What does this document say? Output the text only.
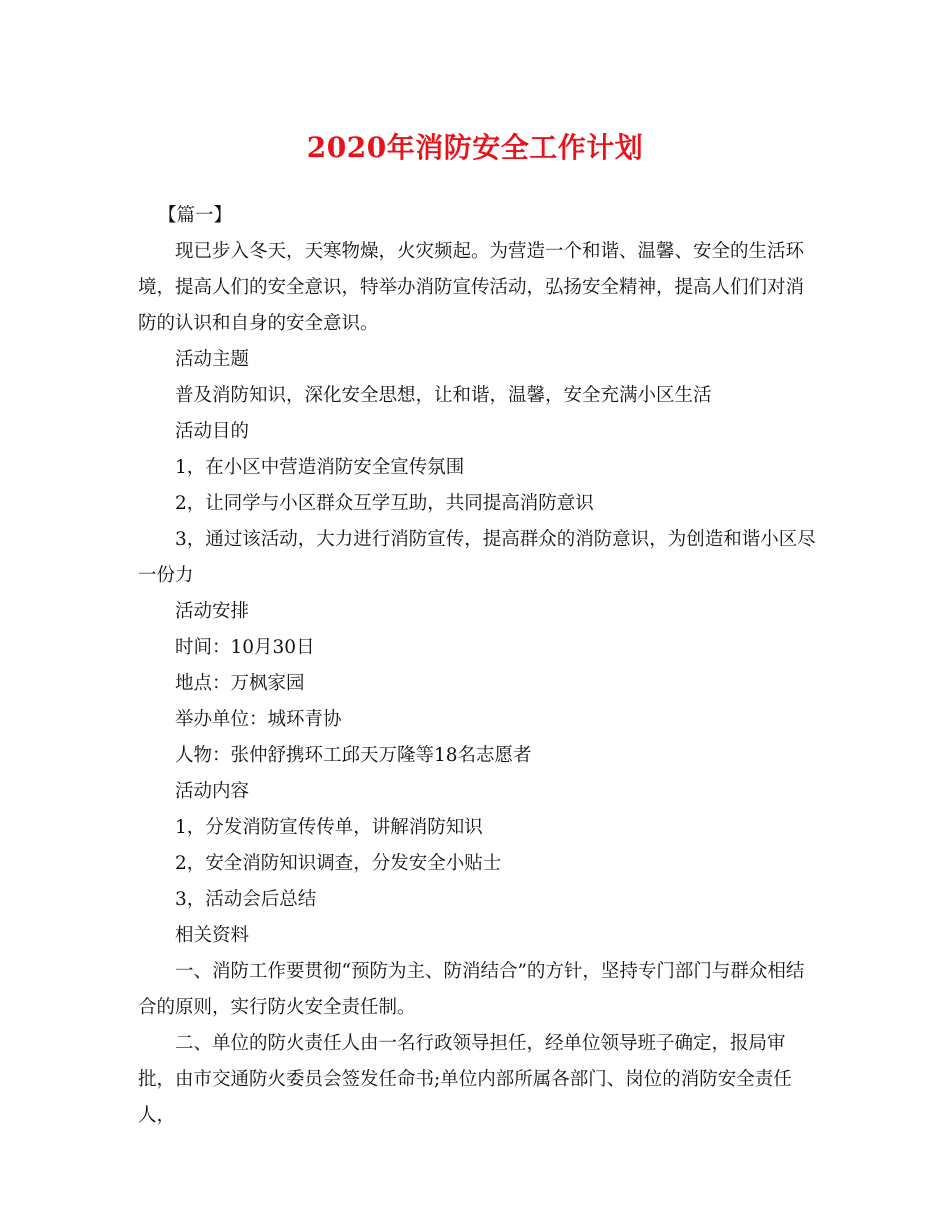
2020年消防安全工作计划

【篇一】

现已步入冬天，天寒物燥，火灾频起。为营造一个和谐、温馨、安全的生活环境，提高人们的安全意识，特举办消防宣传活动，弘扬安全精神，提高人们们对消防的认识和自身的安全意识。

活动主题

普及消防知识，深化安全思想，让和谐，温馨，安全充满小区生活

活动目的

1，在小区中营造消防安全宣传氛围

2，让同学与小区群众互学互助，共同提高消防意识

3，通过该活动，大力进行消防宣传，提高群众的消防意识，为创造和谐小区尽一份力

活动安排

时间：10月30日

地点：万枫家园

举办单位：城环青协

人物：张仲舒携环工邱天万隆等18名志愿者

活动内容

1，分发消防宣传传单，讲解消防知识

2，安全消防知识调查，分发安全小贴士

3，活动会后总结

相关资料

一、消防工作要贯彻“预防为主、防消结合”的方针，坚持专门部门与群众相结合的原则，实行防火安全责任制。

二、单位的防火责任人由一名行政领导担任，经单位领导班子确定，报局审批，由市交通防火委员会签发任命书;单位内部所属各部门、岗位的消防安全责任人，
